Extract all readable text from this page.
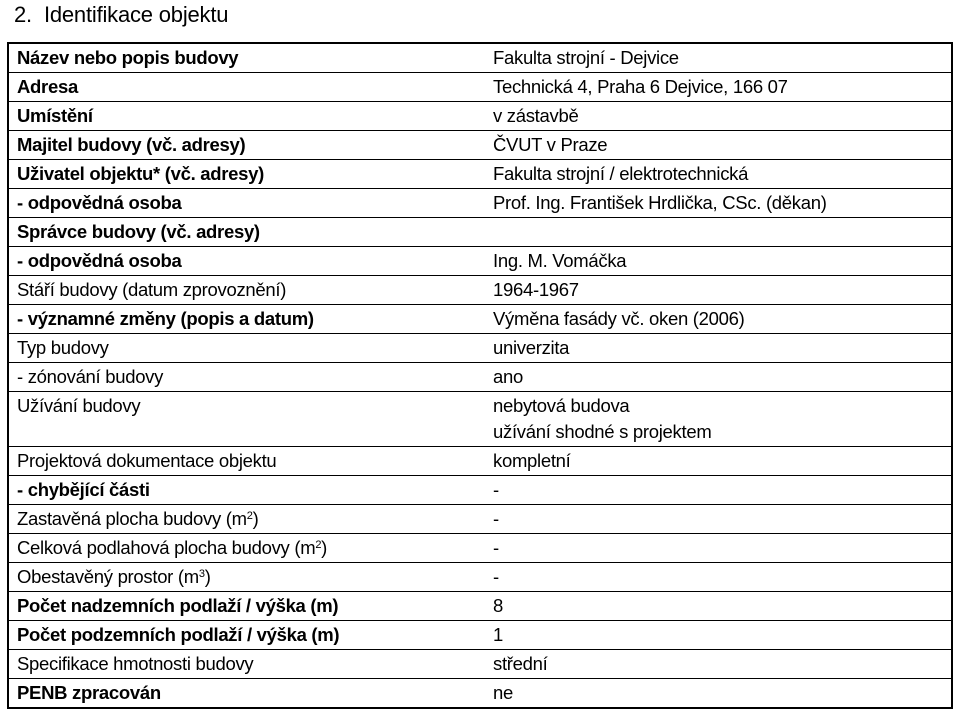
2. Identifikace objektu
Název nebo popis budovy	Fakulta strojní - Dejvice
Adresa	Technická 4, Praha 6 Dejvice, 166 07
Umístění	v zástavbě
Majitel budovy (vč. adresy)	ČVUT v Praze
Uživatel objektu* (vč. adresy)	Fakulta strojní / elektrotechnická
- odpovědná osoba	Prof. Ing. František Hrdlička, CSc. (děkan)
Správce budovy (vč. adresy)
- odpovědná osoba	Ing. M. Vomáčka
Stáří budovy (datum zprovoznění)	1964-1967
- významné změny (popis a datum)	Výměna fasády vč. oken (2006)
Typ budovy	univerzita
- zónování budovy	ano
Užívání budovy	nebytová budova
užívání shodné s projektem
Projektová dokumentace objektu	kompletní
- chybějící části	-
Zastavěná plocha budovy $(m^2)$	-
Celková podlahová plocha budovy $(m^2)$	-
Obestavěný prostor $(m^3)$	-
Počet nadzemních podlaží / výška (m)	8
Počet podzemních podlaží / výška (m)	1
Specifikace hmotnosti budovy	střední
PENB zpracován	ne
